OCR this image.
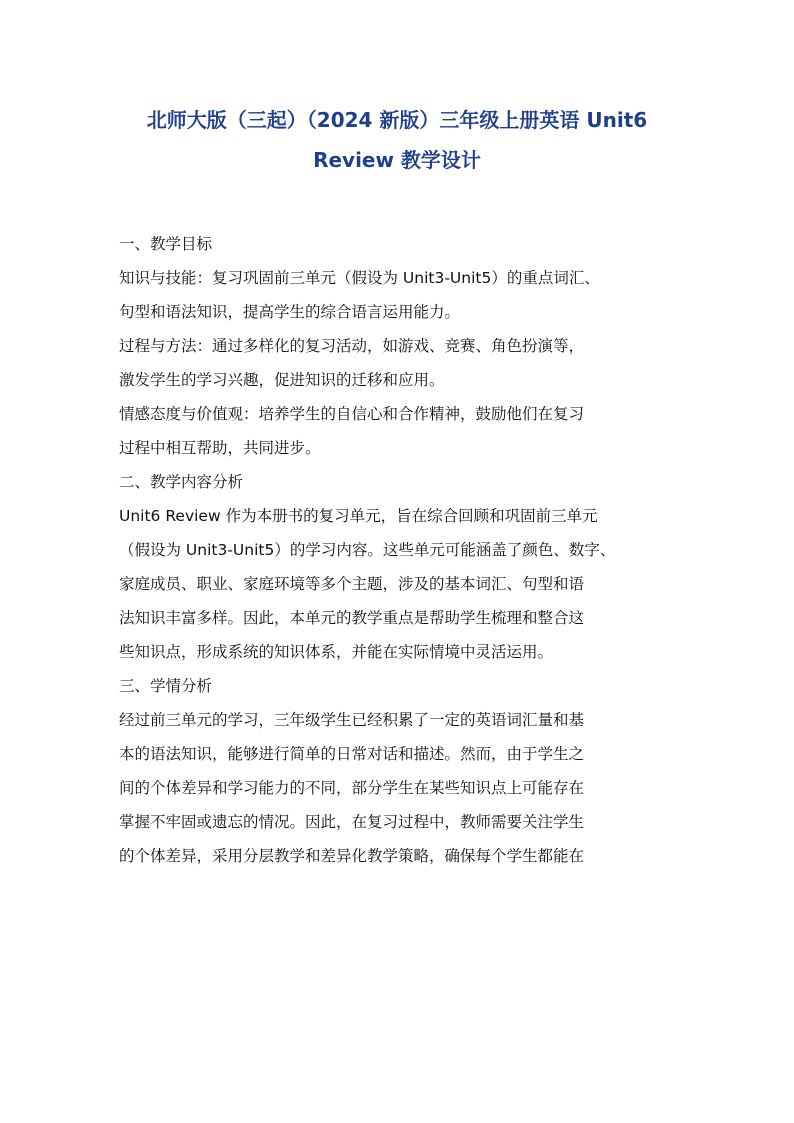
北师大版（三起）（2024 新版）三年级上册英语 Unit6
Review 教学设计
一、教学目标
知识与技能：复习巩固前三单元（假设为 Unit3-Unit5）的重点词汇、
句型和语法知识，提高学生的综合语言运用能力。
过程与方法：通过多样化的复习活动，如游戏、竞赛、角色扮演等，
激发学生的学习兴趣，促进知识的迁移和应用。
情感态度与价值观：培养学生的自信心和合作精神，鼓励他们在复习
过程中相互帮助，共同进步。
二、教学内容分析
Unit6 Review 作为本册书的复习单元，旨在综合回顾和巩固前三单元
（假设为 Unit3-Unit5）的学习内容。这些单元可能涵盖了颜色、数字、
家庭成员、职业、家庭环境等多个主题，涉及的基本词汇、句型和语
法知识丰富多样。因此，本单元的教学重点是帮助学生梳理和整合这
些知识点，形成系统的知识体系，并能在实际情境中灵活运用。
三、学情分析
经过前三单元的学习，三年级学生已经积累了一定的英语词汇量和基
本的语法知识，能够进行简单的日常对话和描述。然而，由于学生之
间的个体差异和学习能力的不同，部分学生在某些知识点上可能存在
掌握不牢固或遗忘的情况。因此，在复习过程中，教师需要关注学生
的个体差异，采用分层教学和差异化教学策略，确保每个学生都能在
